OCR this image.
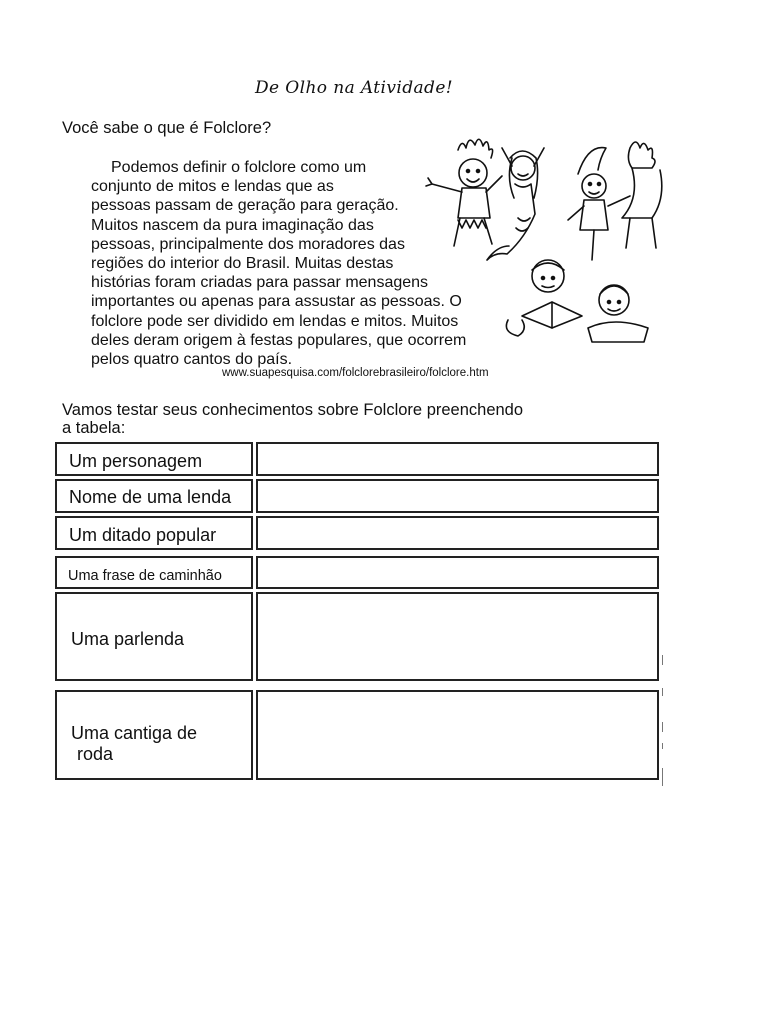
De Olho na Atividade!
Você sabe o que é Folclore?
Podemos definir o folclore como um
conjunto de mitos e lendas que as
pessoas passam de geração para geração.
Muitos nascem da pura imaginação das
pessoas, principalmente dos moradores das
regiões do interior do Brasil. Muitas destas
histórias foram criadas para passar mensagens
importantes ou apenas para assustar as pessoas. O
folclore pode ser dividido em lendas e mitos. Muitos
deles deram origem à festas populares, que ocorrem
pelos quatro cantos do país.
www.suapesquisa.com/folclorebrasileiro/folclore.htm
Vamos testar seus conhecimentos sobre Folclore preenchendo
a tabela:
Um personagem
Nome de uma lenda
Um ditado popular
Uma frase de caminhão
Uma parlenda
Uma cantiga de
roda
